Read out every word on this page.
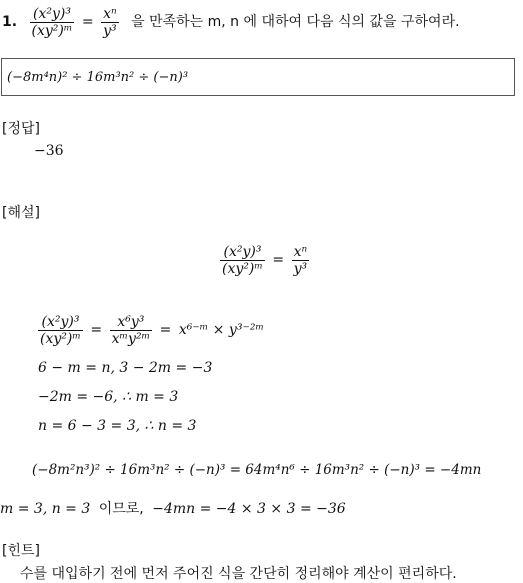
1. $\frac{\text{(x²y)³}}{\text{(xy²)ᵐ}} = \frac{\text{xⁿ}}{\text{y³}}$ 을 만족하는 m, n 에 대하여 다음 식의 값을 구하여라.
(−8m⁴n)² ÷ 16m³n² ÷ (−n)³
[정답]
−36
[해설]
$\frac{\text{(x²y)³}}{\text{(xy²)ᵐ}} = \frac{\text{xⁿ}}{\text{y³}}$
$\frac{\text{(x²y)³}}{\text{(xy²)ᵐ}} = \frac{\text{x⁶y³}}{\text{xᵐy²ᵐ}}$ = x⁶⁻ᵐ × y³⁻²ᵐ
6 − m = n, 3 − 2m = −3
−2m = −6, ∴ m = 3
n = 6 − 3 = 3, ∴ n = 3
(−8m²n³)² ÷ 16m³n² ÷ (−n)³ = 64m⁴n⁶ ÷ 16m³n² ÷ (−n)³ = −4mn
m = 3, n = 3 이므로, −4mn = −4 × 3 × 3 = −36
[힌트]
수를 대입하기 전에 먼저 주어진 식을 간단히 정리해야 계산이 편리하다.
